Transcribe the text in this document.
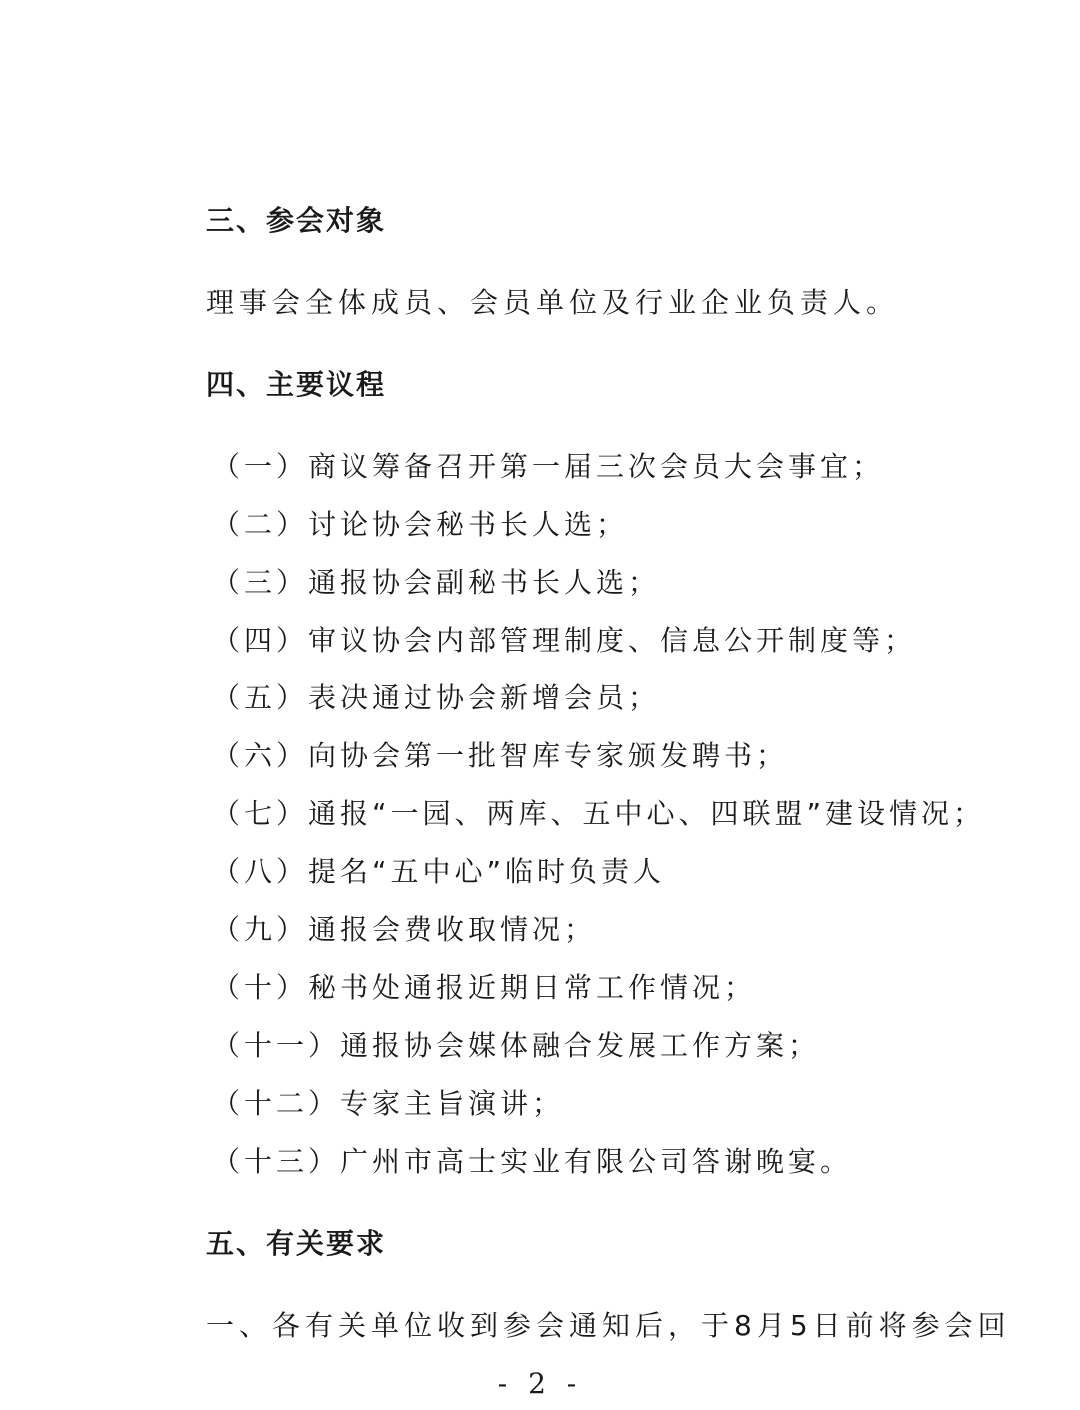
三、参会对象
理事会全体成员、会员单位及行业企业负责人。
四、主要议程
（一）商议筹备召开第一届三次会员大会事宜；
（二）讨论协会秘书长人选；
（三）通报协会副秘书长人选；
（四）审议协会内部管理制度、信息公开制度等；
（五）表决通过协会新增会员；
（六）向协会第一批智库专家颁发聘书；
（七）通报“一园、两库、五中心、四联盟”建设情况；
（八）提名“五中心”临时负责人
（九）通报会费收取情况；
（十）秘书处通报近期日常工作情况；
（十一）通报协会媒体融合发展工作方案；
（十二）专家主旨演讲；
（十三）广州市高士实业有限公司答谢晚宴。
五、有关要求
一、各有关单位收到参会通知后，于8月5日前将参会回
- 2 -
